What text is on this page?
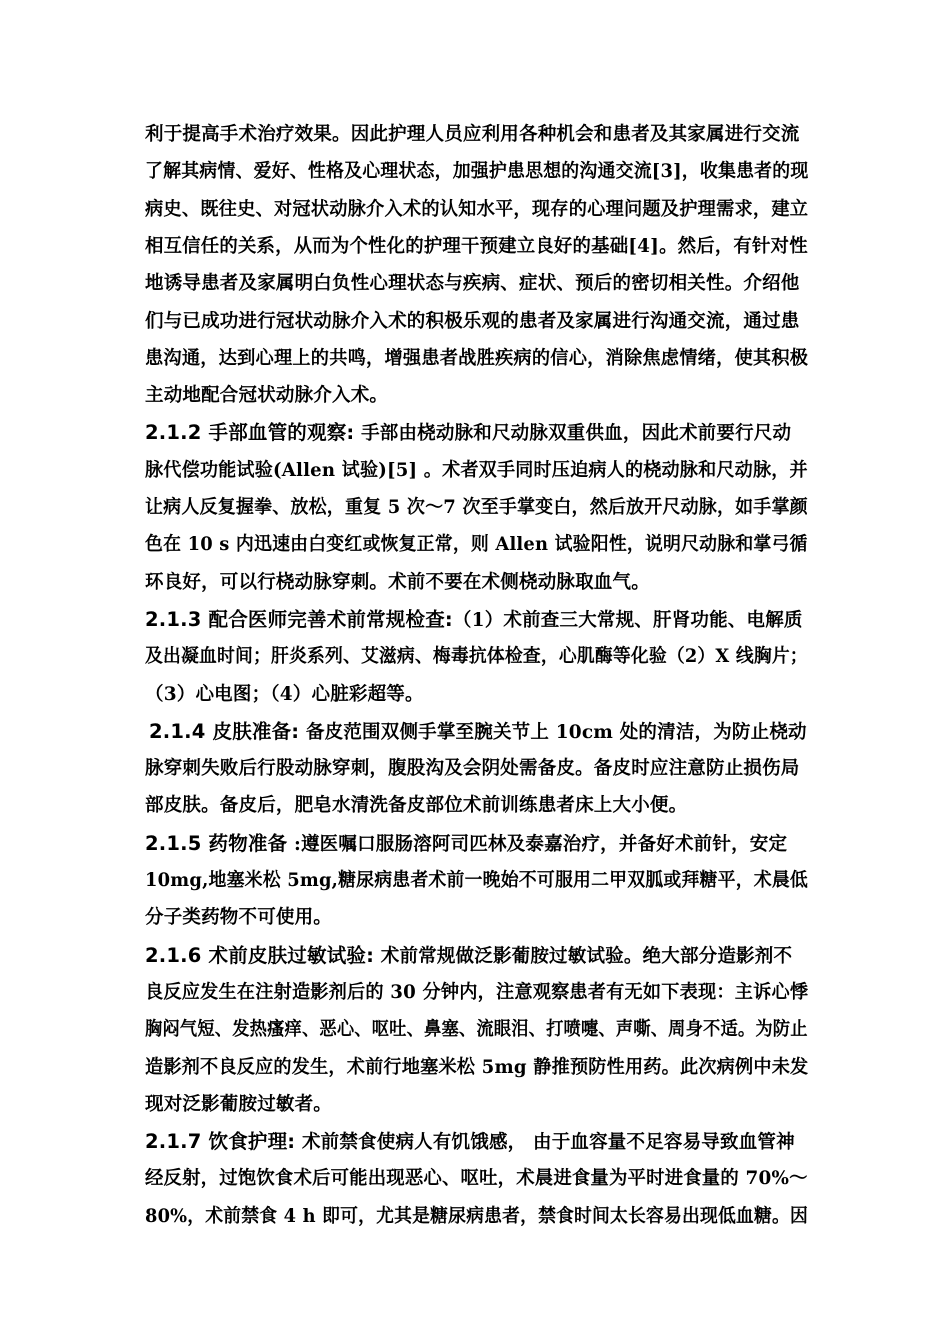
利于提高手术治疗效果。因此护理人员应利用各种机会和患者及其家属进行交流
了解其病情、爱好、性格及心理状态，加强护患思想的沟通交流[3]，收集患者的现
病史、既往史、对冠状动脉介入术的认知水平，现存的心理问题及护理需求，建立
相互信任的关系，从而为个性化的护理干预建立良好的基础[4]。然后，有针对性
地诱导患者及家属明白负性心理状态与疾病、症状、预后的密切相关性。介绍他
们与已成功进行冠状动脉介入术的积极乐观的患者及家属进行沟通交流，通过患
患沟通，达到心理上的共鸣，增强患者战胜疾病的信心，消除焦虑情绪，使其积极
主动地配合冠状动脉介入术。
2.1.2 手部血管的观察: 手部由桡动脉和尺动脉双重供血，因此术前要行尺动
脉代偿功能试验(Allen 试验)[5] 。术者双手同时压迫病人的桡动脉和尺动脉，并
让病人反复握拳、放松，重复 5 次～7 次至手掌变白，然后放开尺动脉，如手掌颜
色在 10 s 内迅速由白变红或恢复正常，则 Allen 试验阳性，说明尺动脉和掌弓循
环良好，可以行桡动脉穿刺。术前不要在术侧桡动脉取血气。
2.1.3 配合医师完善术前常规检查:（1）术前查三大常规、肝肾功能、电解质
及出凝血时间；肝炎系列、艾滋病、梅毒抗体检查，心肌酶等化验（2）X 线胸片；
（3）心电图；（4）心脏彩超等。
2.1.4 皮肤准备: 备皮范围双侧手掌至腕关节上 10cm 处的清洁，为防止桡动
脉穿刺失败后行股动脉穿刺，腹股沟及会阴处需备皮。备皮时应注意防止损伤局
部皮肤。备皮后，肥皂水清洗备皮部位术前训练患者床上大小便。
2.1.5 药物准备 :遵医嘱口服肠溶阿司匹林及泰嘉治疗，并备好术前针，安定
10mg,地塞米松 5mg,糖尿病患者术前一晚始不可服用二甲双胍或拜糖平，术晨低
分子类药物不可使用。
2.1.6 术前皮肤过敏试验: 术前常规做泛影葡胺过敏试验。绝大部分造影剂不
良反应发生在注射造影剂后的 30 分钟内，注意观察患者有无如下表现：主诉心悸
胸闷气短、发热瘙痒、恶心、呕吐、鼻塞、流眼泪、打喷嚏、声嘶、周身不适。为防止
造影剂不良反应的发生，术前行地塞米松 5mg 静推预防性用药。此次病例中未发
现对泛影葡胺过敏者。
2.1.7 饮食护理: 术前禁食使病人有饥饿感， 由于血容量不足容易导致血管神
经反射，过饱饮食术后可能出现恶心、呕吐，术晨进食量为平时进食量的 70%～
80%，术前禁食 4 h 即可，尤其是糖尿病患者，禁食时间太长容易出现低血糖。因
